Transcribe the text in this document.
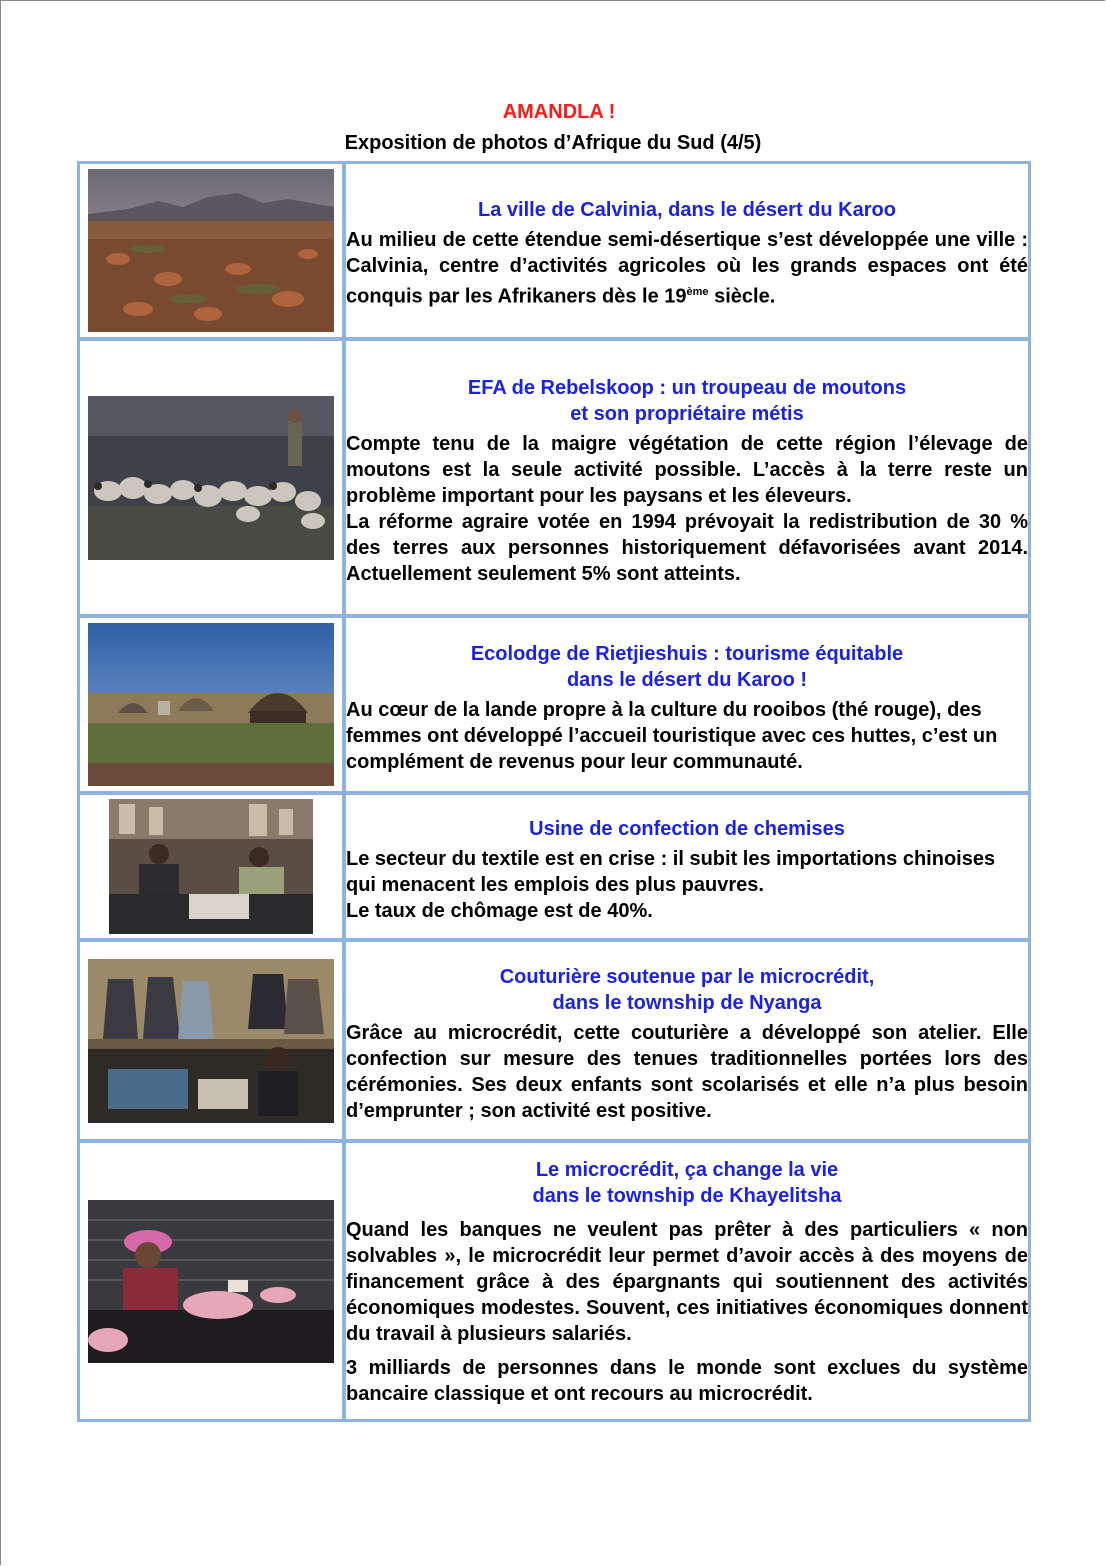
AMANDLA !
Exposition de photos d’Afrique du Sud (4/5)

La ville de Calvinia, dans le désert du Karoo

Au milieu de cette étendue semi-désertique s’est développée une ville : Calvinia, centre d’activités agricoles où les grands espaces ont été conquis par les Afrikaners dès le 19ème siècle.

EFA de Rebelskoop : un troupeau de moutons
et son propriétaire métis

Compte tenu de la maigre végétation de cette région l’élevage de moutons est la seule activité possible. L’accès à la terre reste un problème important pour les paysans et les éleveurs.

La réforme agraire votée en 1994 prévoyait la redistribution de 30 % des terres aux personnes historiquement défavorisées avant 2014. Actuellement seulement 5% sont atteints.

Ecolodge de Rietjieshuis : tourisme équitable
dans le désert du Karoo !

Au cœur de la lande propre à la culture du rooibos (thé rouge), des femmes ont développé l’accueil touristique avec ces huttes, c’est un complément de revenus pour leur communauté.

Usine de confection de chemises

Le secteur du textile est en crise : il subit les importations chinoises qui menacent les emplois des plus pauvres.

Le taux de chômage est de 40%.

Couturière soutenue par le microcrédit,
dans le township de Nyanga

Grâce au microcrédit, cette couturière a développé son atelier. Elle confection sur mesure des tenues traditionnelles portées lors des cérémonies. Ses deux enfants sont scolarisés et elle n’a plus besoin d’emprunter ; son activité est positive.

Le microcrédit, ça change la vie
dans le township de Khayelitsha

Quand les banques ne veulent pas prêter à des particuliers « non solvables », le microcrédit leur permet d’avoir accès à des moyens de financement grâce à des épargnants qui soutiennent des activités économiques modestes. Souvent, ces initiatives économiques donnent du travail à plusieurs salariés.

3 milliards de personnes dans le monde sont exclues du système bancaire classique et ont recours au microcrédit.
